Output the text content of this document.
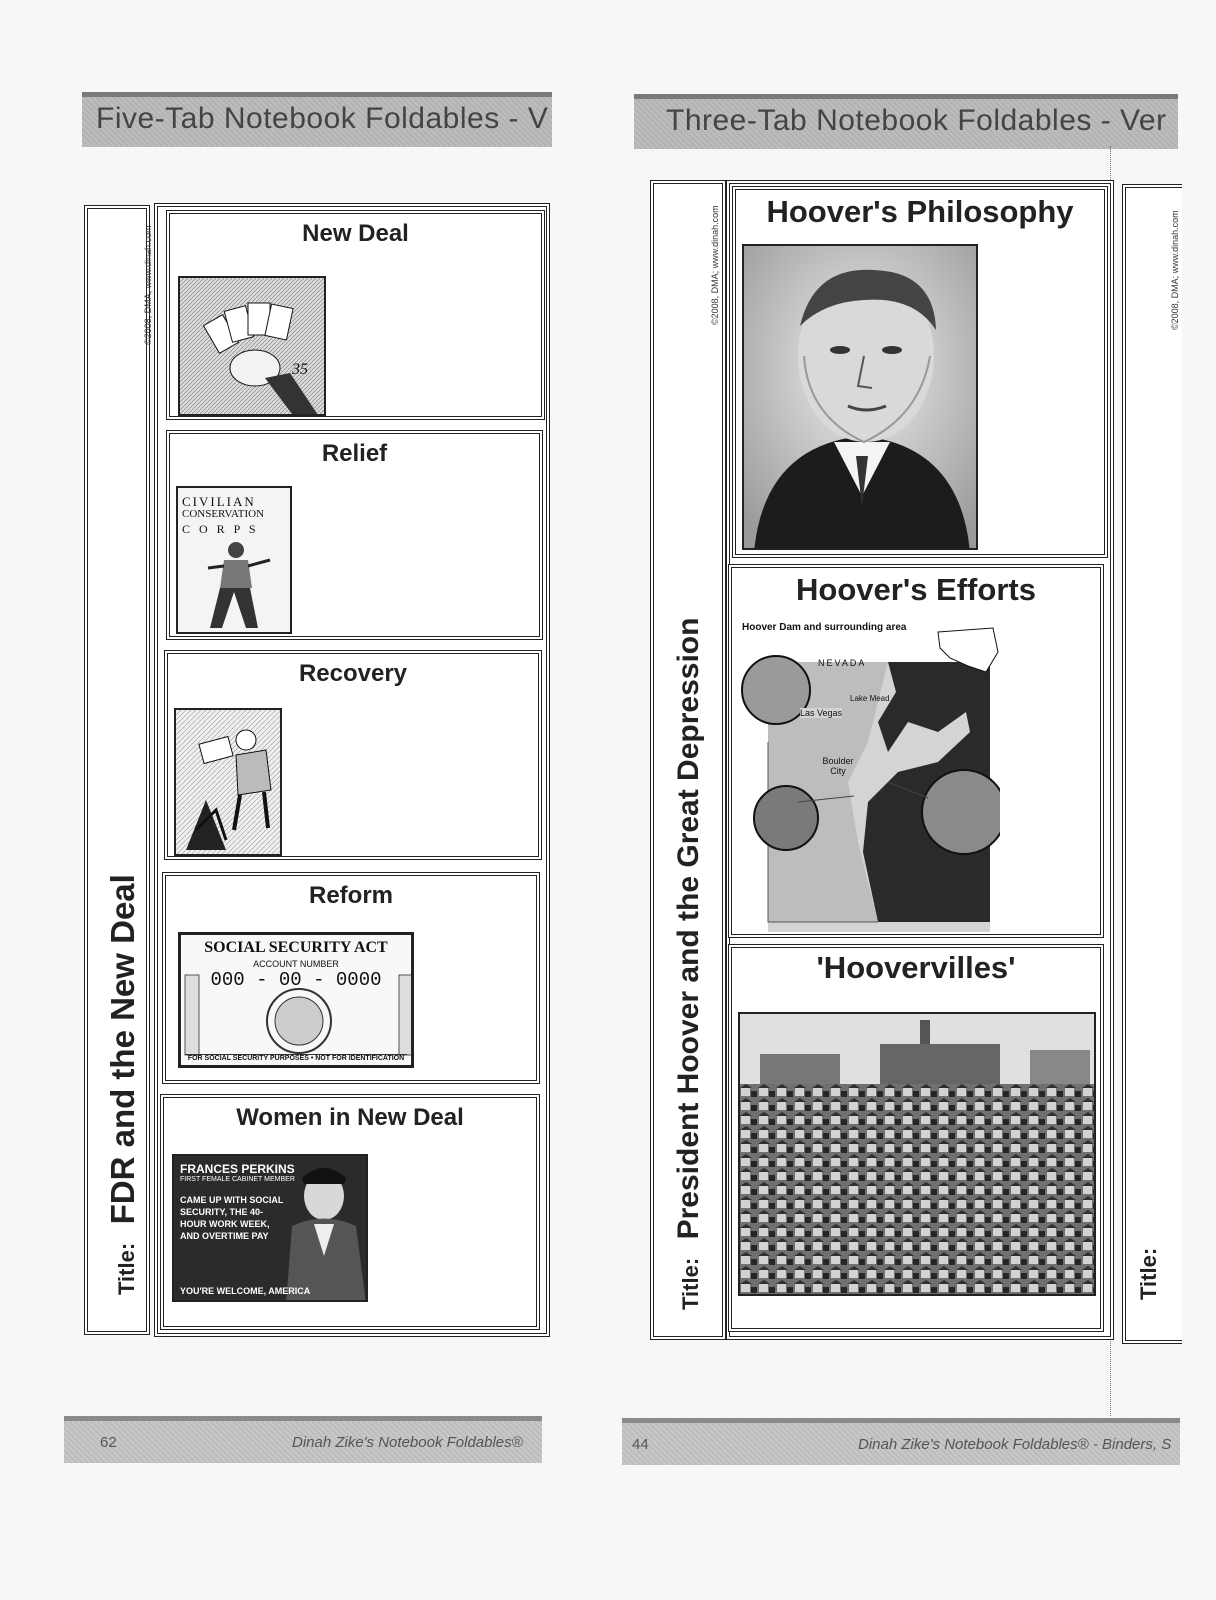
Five-Tab Notebook Foldables - V
©2008, DMA; www.dinah.com
Title: FDR and the New Deal
New Deal
35
Relief
CIVILIAN
CONSERVATION
C O R P S
Recovery
Reform
SOCIAL SECURITY ACT
ACCOUNT NUMBER
000 - 00 - 0000
FOR SOCIAL SECURITY PURPOSES • NOT FOR IDENTIFICATION
Women in New Deal
FRANCES PERKINS
FIRST FEMALE CABINET MEMBER
CAME UP WITH SOCIAL SECURITY, THE 40-HOUR WORK WEEK, AND OVERTIME PAY
YOU'RE WELCOME, AMERICA
62	Dinah Zike's Notebook Foldables®
Three-Tab Notebook Foldables - Ver
©2008, DMA; www.dinah.com
Title: President Hoover and the Great Depression
Hoover's Philosophy
Hoover's Efforts
Hoover Dam and surrounding area
NEVADA
Lake Mead
Las Vegas
Boulder City
'Hoovervilles'
Title:
©2008, DMA; www.dinah.com
44	Dinah Zike's Notebook Foldables® - Binders, S
